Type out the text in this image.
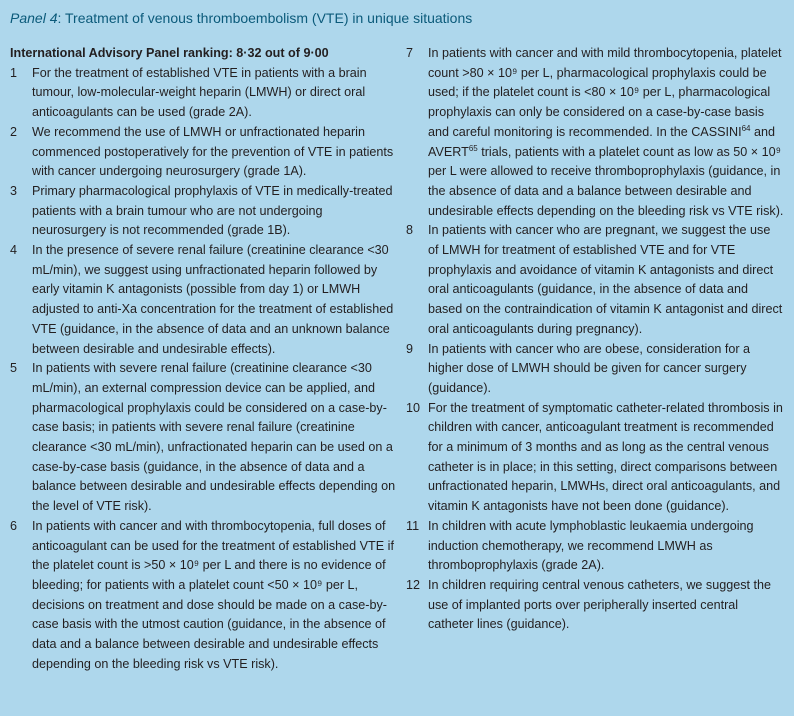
Panel 4: Treatment of venous thromboembolism (VTE) in unique situations
International Advisory Panel ranking: 8·32 out of 9·00
1	For the treatment of established VTE in patients with a brain tumour, low-molecular-weight heparin (LMWH) or direct oral anticoagulants can be used (grade 2A).
2	We recommend the use of LMWH or unfractionated heparin commenced postoperatively for the prevention of VTE in patients with cancer undergoing neurosurgery (grade 1A).
3	Primary pharmacological prophylaxis of VTE in medically-treated patients with a brain tumour who are not undergoing neurosurgery is not recommended (grade 1B).
4	In the presence of severe renal failure (creatinine clearance <30 mL/min), we suggest using unfractionated heparin followed by early vitamin K antagonists (possible from day 1) or LMWH adjusted to anti-Xa concentration for the treatment of established VTE (guidance, in the absence of data and an unknown balance between desirable and undesirable effects).
5	In patients with severe renal failure (creatinine clearance <30 mL/min), an external compression device can be applied, and pharmacological prophylaxis could be considered on a case-by-case basis; in patients with severe renal failure (creatinine clearance <30 mL/min), unfractionated heparin can be used on a case-by-case basis (guidance, in the absence of data and a balance between desirable and undesirable effects depending on the level of VTE risk).
6	In patients with cancer and with thrombocytopenia, full doses of anticoagulant can be used for the treatment of established VTE if the platelet count is >50 × 10⁹ per L and there is no evidence of bleeding; for patients with a platelet count <50 × 10⁹ per L, decisions on treatment and dose should be made on a case-by-case basis with the utmost caution (guidance, in the absence of data and a balance between desirable and undesirable effects depending on the bleeding risk vs VTE risk).
7	In patients with cancer and with mild thrombocytopenia, platelet count >80 × 10⁹ per L, pharmacological prophylaxis could be used; if the platelet count is <80 × 10⁹ per L, pharmacological prophylaxis can only be considered on a case-by-case basis and careful monitoring is recommended. In the CASSINI$^{64}$ and AVERT$^{65}$ trials, patients with a platelet count as low as 50 × 10⁹ per L were allowed to receive thromboprophylaxis (guidance, in the absence of data and a balance between desirable and undesirable effects depending on the bleeding risk vs VTE risk).
8	In patients with cancer who are pregnant, we suggest the use of LMWH for treatment of established VTE and for VTE prophylaxis and avoidance of vitamin K antagonists and direct oral anticoagulants (guidance, in the absence of data and based on the contraindication of vitamin K antagonist and direct oral anticoagulants during pregnancy).
9	In patients with cancer who are obese, consideration for a higher dose of LMWH should be given for cancer surgery (guidance).
10 For the treatment of symptomatic catheter-related thrombosis in children with cancer, anticoagulant treatment is recommended for a minimum of 3 months and as long as the central venous catheter is in place; in this setting, direct comparisons between unfractionated heparin, LMWHs, direct oral anticoagulants, and vitamin K antagonists have not been done (guidance).
11 In children with acute lymphoblastic leukaemia undergoing induction chemotherapy, we recommend LMWH as thromboprophylaxis (grade 2A).
12 In children requiring central venous catheters, we suggest the use of implanted ports over peripherally inserted central catheter lines (guidance).
